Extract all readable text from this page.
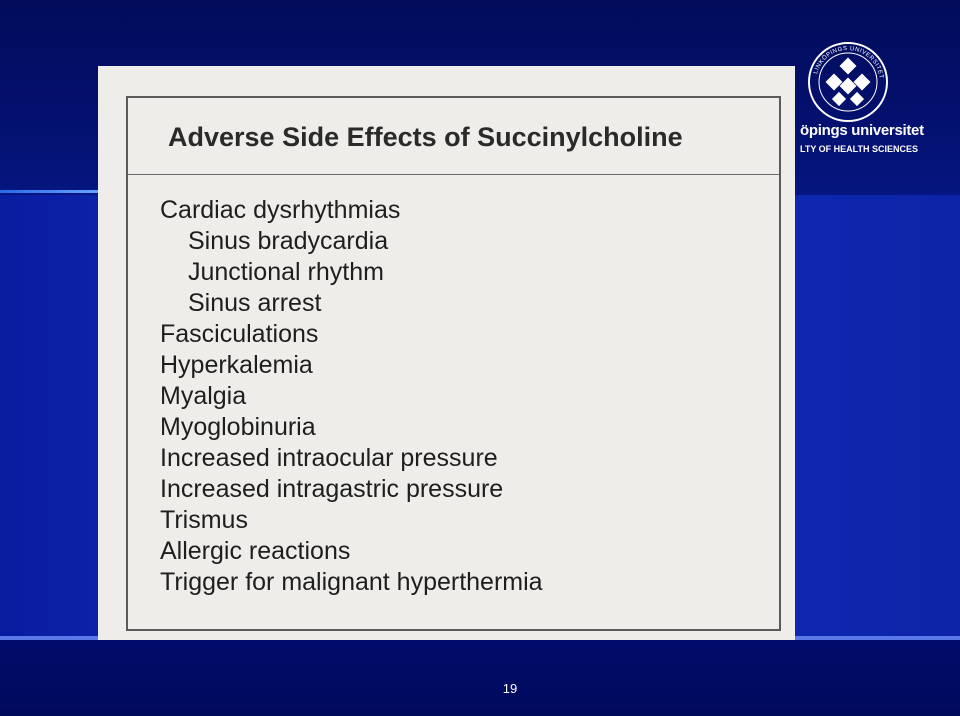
LINKÖPINGS UNIVERSITET
öpings universitet
LTY OF HEALTH SCIENCES
Adverse Side Effects of Succinylcholine
Cardiac dysrhythmias
Sinus bradycardia
Junctional rhythm
Sinus arrest
Fasciculations
Hyperkalemia
Myalgia
Myoglobinuria
Increased intraocular pressure
Increased intragastric pressure
Trismus
Allergic reactions
Trigger for malignant hyperthermia
19
